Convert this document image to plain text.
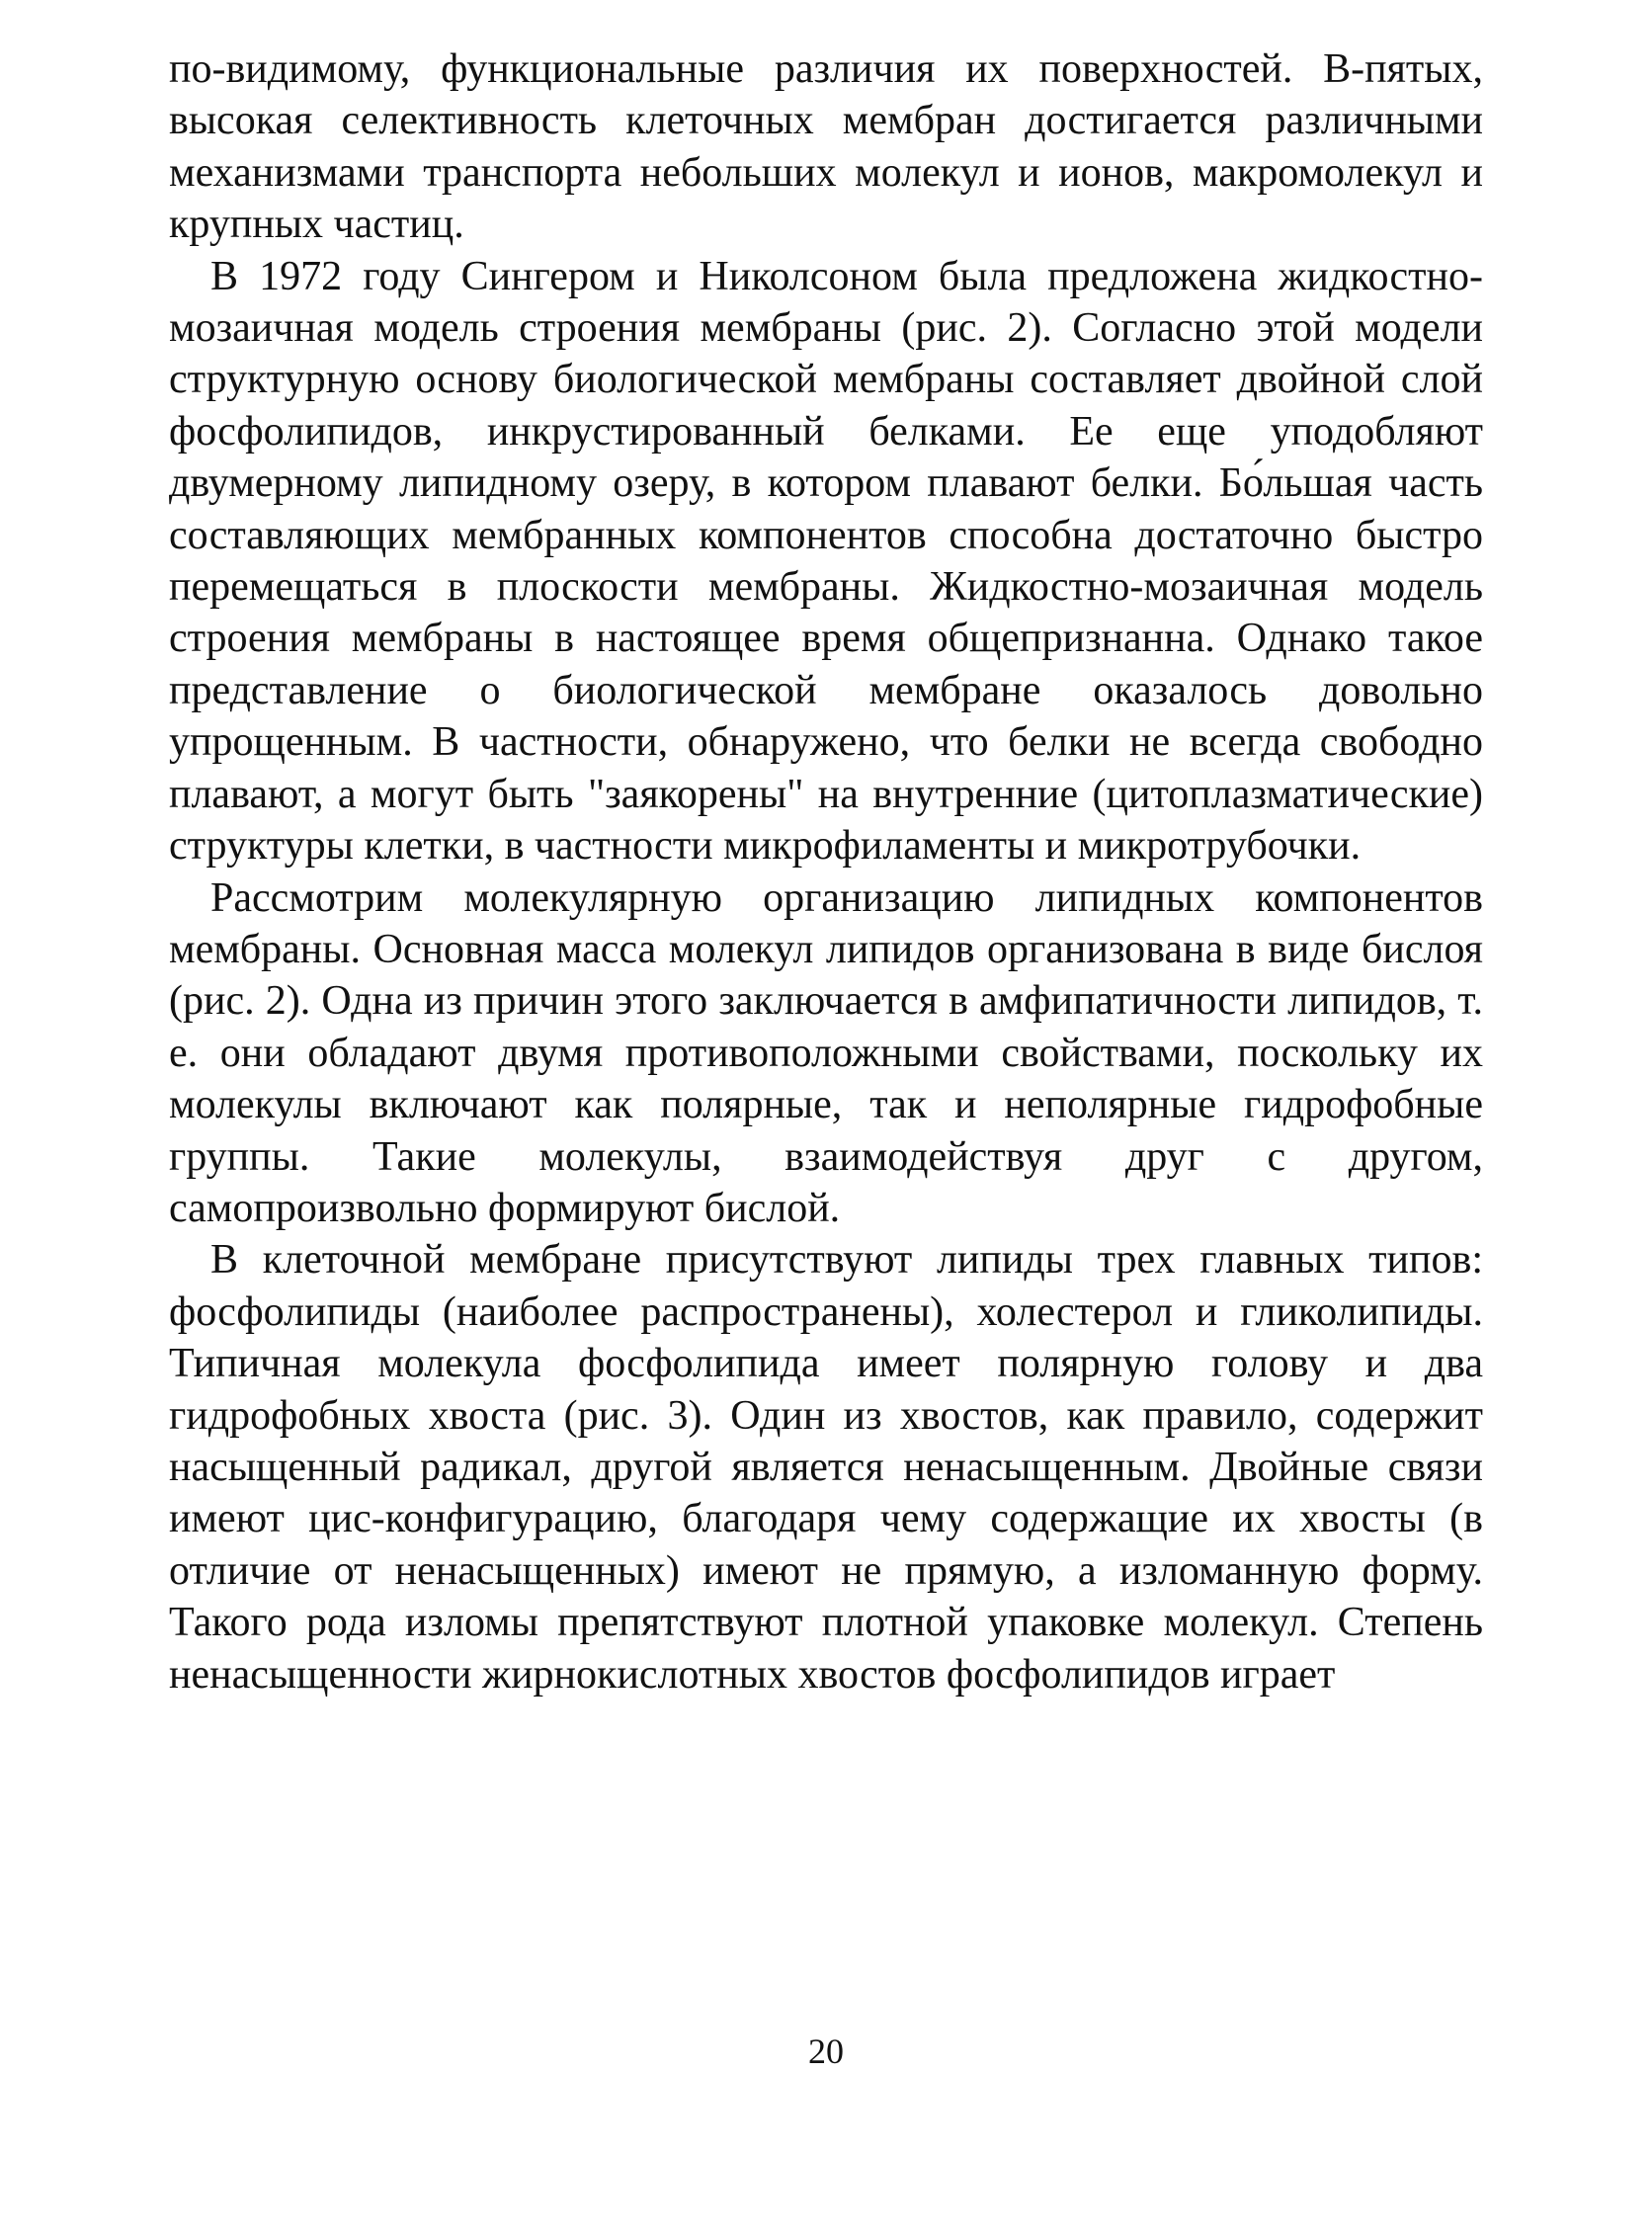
по-видимому, функциональные различия их поверхностей. В-пятых, высокая селективность клеточных мембран достигается различными механизмами транспорта небольших молекул и ионов, макромолекул и крупных частиц.

В 1972 году Сингером и Николсоном была предложена жидкостно-мозаичная модель строения мембраны (рис. 2). Согласно этой модели структурную основу биологической мембраны составляет двойной слой фосфолипидов, инкрустированный белками. Ее еще уподобляют двумерному липидному озеру, в котором плавают белки. Бо́льшая часть составляющих мембранных компонентов способна достаточно быстро перемещаться в плоскости мембраны. Жидкостно-мозаичная модель строения мембраны в настоящее время общепризнанна. Однако такое представление о биологической мембране оказалось довольно упрощенным. В частности, обнаружено, что белки не всегда свободно плавают, а могут быть "заякорены" на внутренние (цитоплазматические) структуры клетки, в частности микрофиламенты и микротрубочки.

Рассмотрим молекулярную организацию липидных компонентов мембраны. Основная масса молекул липидов организована в виде бислоя (рис. 2). Одна из причин этого заключается в амфипатичности липидов, т. е. они обладают двумя противоположными свойствами, поскольку их молекулы включают как полярные, так и неполярные гидрофобные группы. Такие молекулы, взаимодействуя друг с другом, самопроизвольно формируют бислой.

В клеточной мембране присутствуют липиды трех главных типов: фосфолипиды (наиболее распространены), холестерол и гликолипиды. Типичная молекула фосфолипида имеет полярную голову и два гидрофобных хвоста (рис. 3). Один из хвостов, как правило, содержит насыщенный радикал, другой является ненасыщенным. Двойные связи имеют цис-конфигурацию, благодаря чему содержащие их хвосты (в отличие от ненасыщенных) имеют не прямую, а изломанную форму. Такого рода изломы препятствуют плотной упаковке молекул. Степень ненасыщенности жирнокислотных хвостов фосфолипидов играет

20
